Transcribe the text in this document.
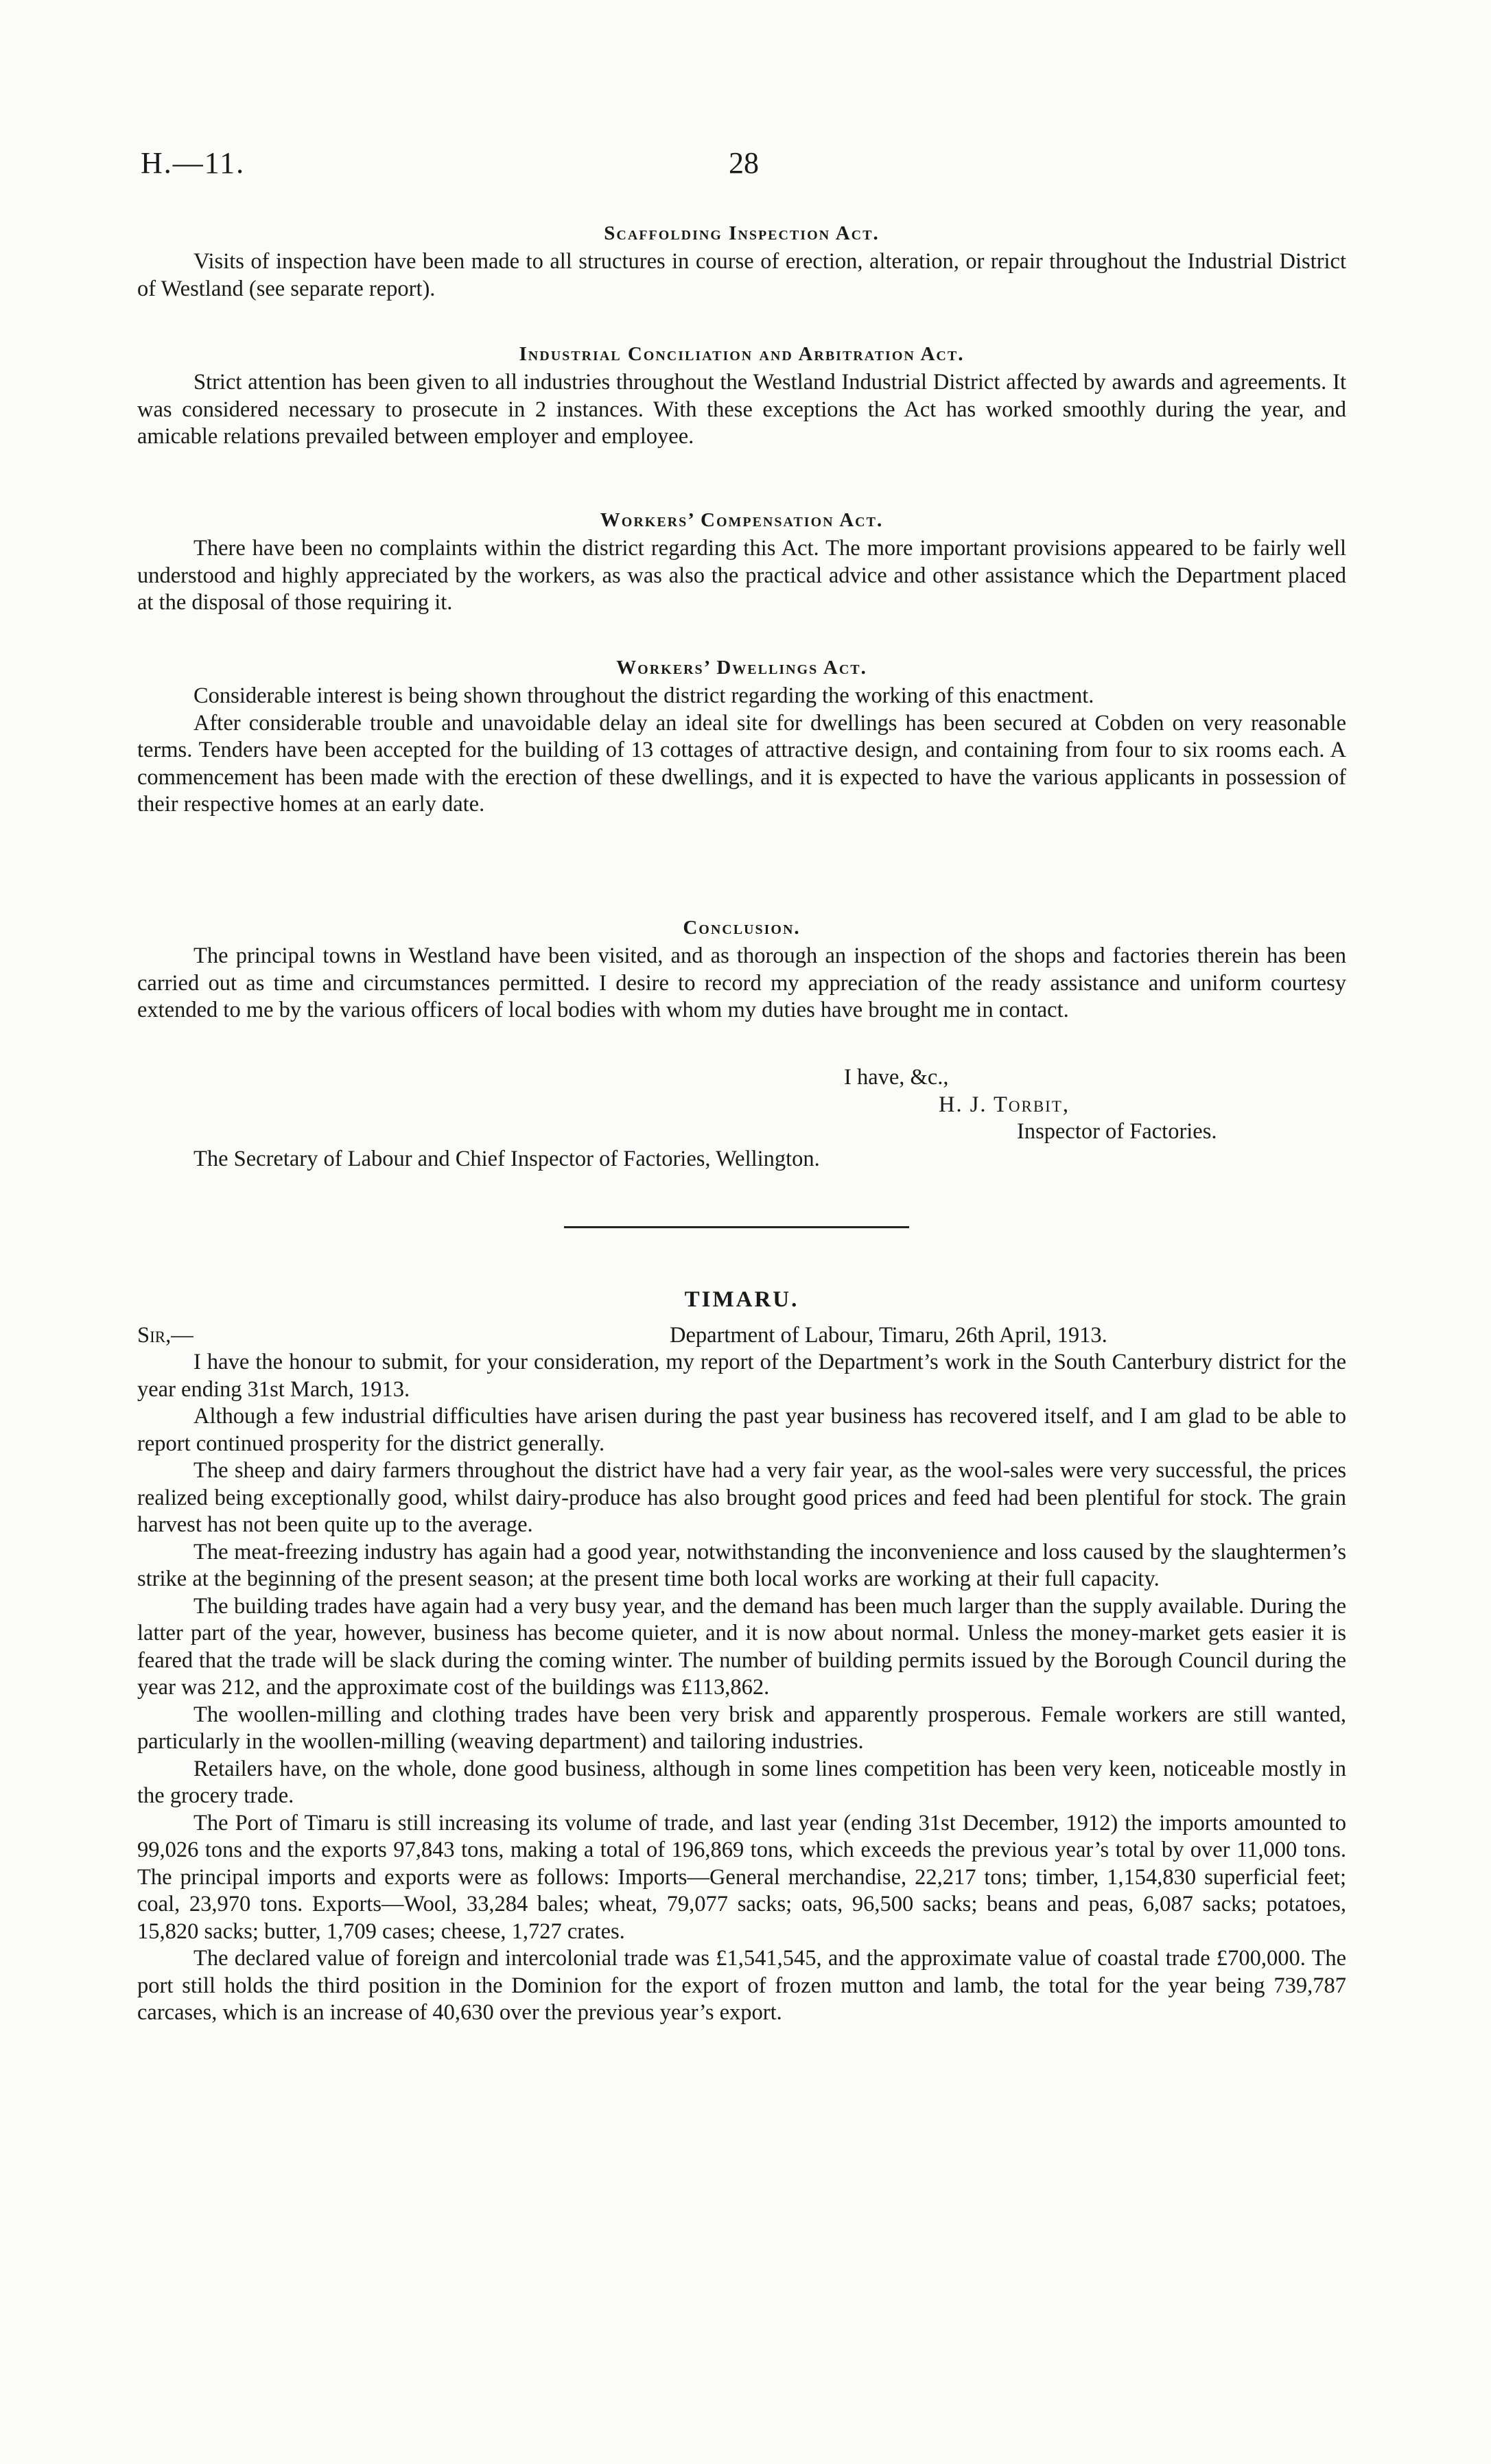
H.—11.	28
Scaffolding Inspection Act.

Visits of inspection have been made to all structures in course of erection, alteration, or repair throughout the Industrial District of Westland (see separate report).

Industrial Conciliation and Arbitration Act.

Strict attention has been given to all industries throughout the Westland Industrial District affected by awards and agreements. It was considered necessary to prosecute in 2 instances. With these exceptions the Act has worked smoothly during the year, and amicable relations prevailed between employer and employee.

Workers’ Compensation Act.

There have been no complaints within the district regarding this Act. The more important provisions appeared to be fairly well understood and highly appreciated by the workers, as was also the practical advice and other assistance which the Department placed at the disposal of those requiring it.

Workers’ Dwellings Act.

Considerable interest is being shown throughout the district regarding the working of this enactment.

After considerable trouble and unavoidable delay an ideal site for dwellings has been secured at Cobden on very reasonable terms. Tenders have been accepted for the building of 13 cottages of attractive design, and containing from four to six rooms each. A commencement has been made with the erection of these dwellings, and it is expected to have the various applicants in possession of their respective homes at an early date.

Conclusion.

The principal towns in Westland have been visited, and as thorough an inspection of the shops and factories therein has been carried out as time and circumstances permitted. I desire to record my appreciation of the ready assistance and uniform courtesy extended to me by the various officers of local bodies with whom my duties have brought me in contact.

I have, &c.,
H. J. Torbit,
Inspector of Factories.
The Secretary of Labour and Chief Inspector of Factories, Wellington.
TIMARU.
Sir,—	Department of Labour, Timaru, 26th April, 1913.

I have the honour to submit, for your consideration, my report of the Department’s work in the South Canterbury district for the year ending 31st March, 1913.

Although a few industrial difficulties have arisen during the past year business has recovered itself, and I am glad to be able to report continued prosperity for the district generally.

The sheep and dairy farmers throughout the district have had a very fair year, as the wool-sales were very successful, the prices realized being exceptionally good, whilst dairy-produce has also brought good prices and feed had been plentiful for stock. The grain harvest has not been quite up to the average.

The meat-freezing industry has again had a good year, notwithstanding the inconvenience and loss caused by the slaughtermen’s strike at the beginning of the present season; at the present time both local works are working at their full capacity.

The building trades have again had a very busy year, and the demand has been much larger than the supply available. During the latter part of the year, however, business has become quieter, and it is now about normal. Unless the money-market gets easier it is feared that the trade will be slack during the coming winter. The number of building permits issued by the Borough Council during the year was 212, and the approximate cost of the buildings was £113,862.

The woollen-milling and clothing trades have been very brisk and apparently prosperous. Female workers are still wanted, particularly in the woollen-milling (weaving department) and tailoring industries.

Retailers have, on the whole, done good business, although in some lines competition has been very keen, noticeable mostly in the grocery trade.

The Port of Timaru is still increasing its volume of trade, and last year (ending 31st December, 1912) the imports amounted to 99,026 tons and the exports 97,843 tons, making a total of 196,869 tons, which exceeds the previous year’s total by over 11,000 tons. The principal imports and exports were as follows: Imports—General merchandise, 22,217 tons; timber, 1,154,830 superficial feet; coal, 23,970 tons. Exports—Wool, 33,284 bales; wheat, 79,077 sacks; oats, 96,500 sacks; beans and peas, 6,087 sacks; potatoes, 15,820 sacks; butter, 1,709 cases; cheese, 1,727 crates.

The declared value of foreign and intercolonial trade was £1,541,545, and the approximate value of coastal trade £700,000. The port still holds the third position in the Dominion for the export of frozen mutton and lamb, the total for the year being 739,787 carcases, which is an increase of 40,630 over the previous year’s export.
